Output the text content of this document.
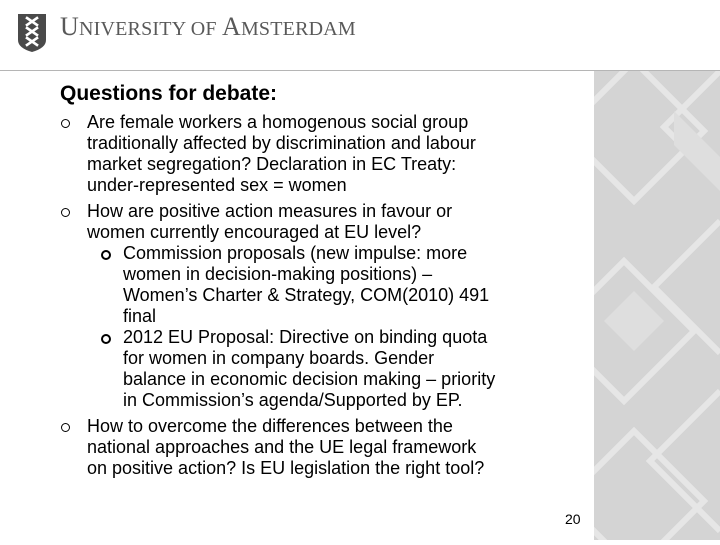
UNIVERSITY OF AMSTERDAM
Questions for debate:
Are female workers a homogenous social group
traditionally affected by discrimination and labour
market segregation? Declaration in EC Treaty:
under-represented sex = women
How are positive action measures in favour or
women currently encouraged at EU level?
Commission proposals (new impulse: more
women in decision-making positions) –
Women’s Charter & Strategy, COM(2010) 491
final
2012 EU Proposal: Directive on binding quota
for women in company boards. Gender
balance in economic decision making – priority
in Commission’s agenda/Supported by EP.
How to overcome the differences between the
national approaches and the UE legal framework
on positive action? Is EU legislation the right tool?
20
